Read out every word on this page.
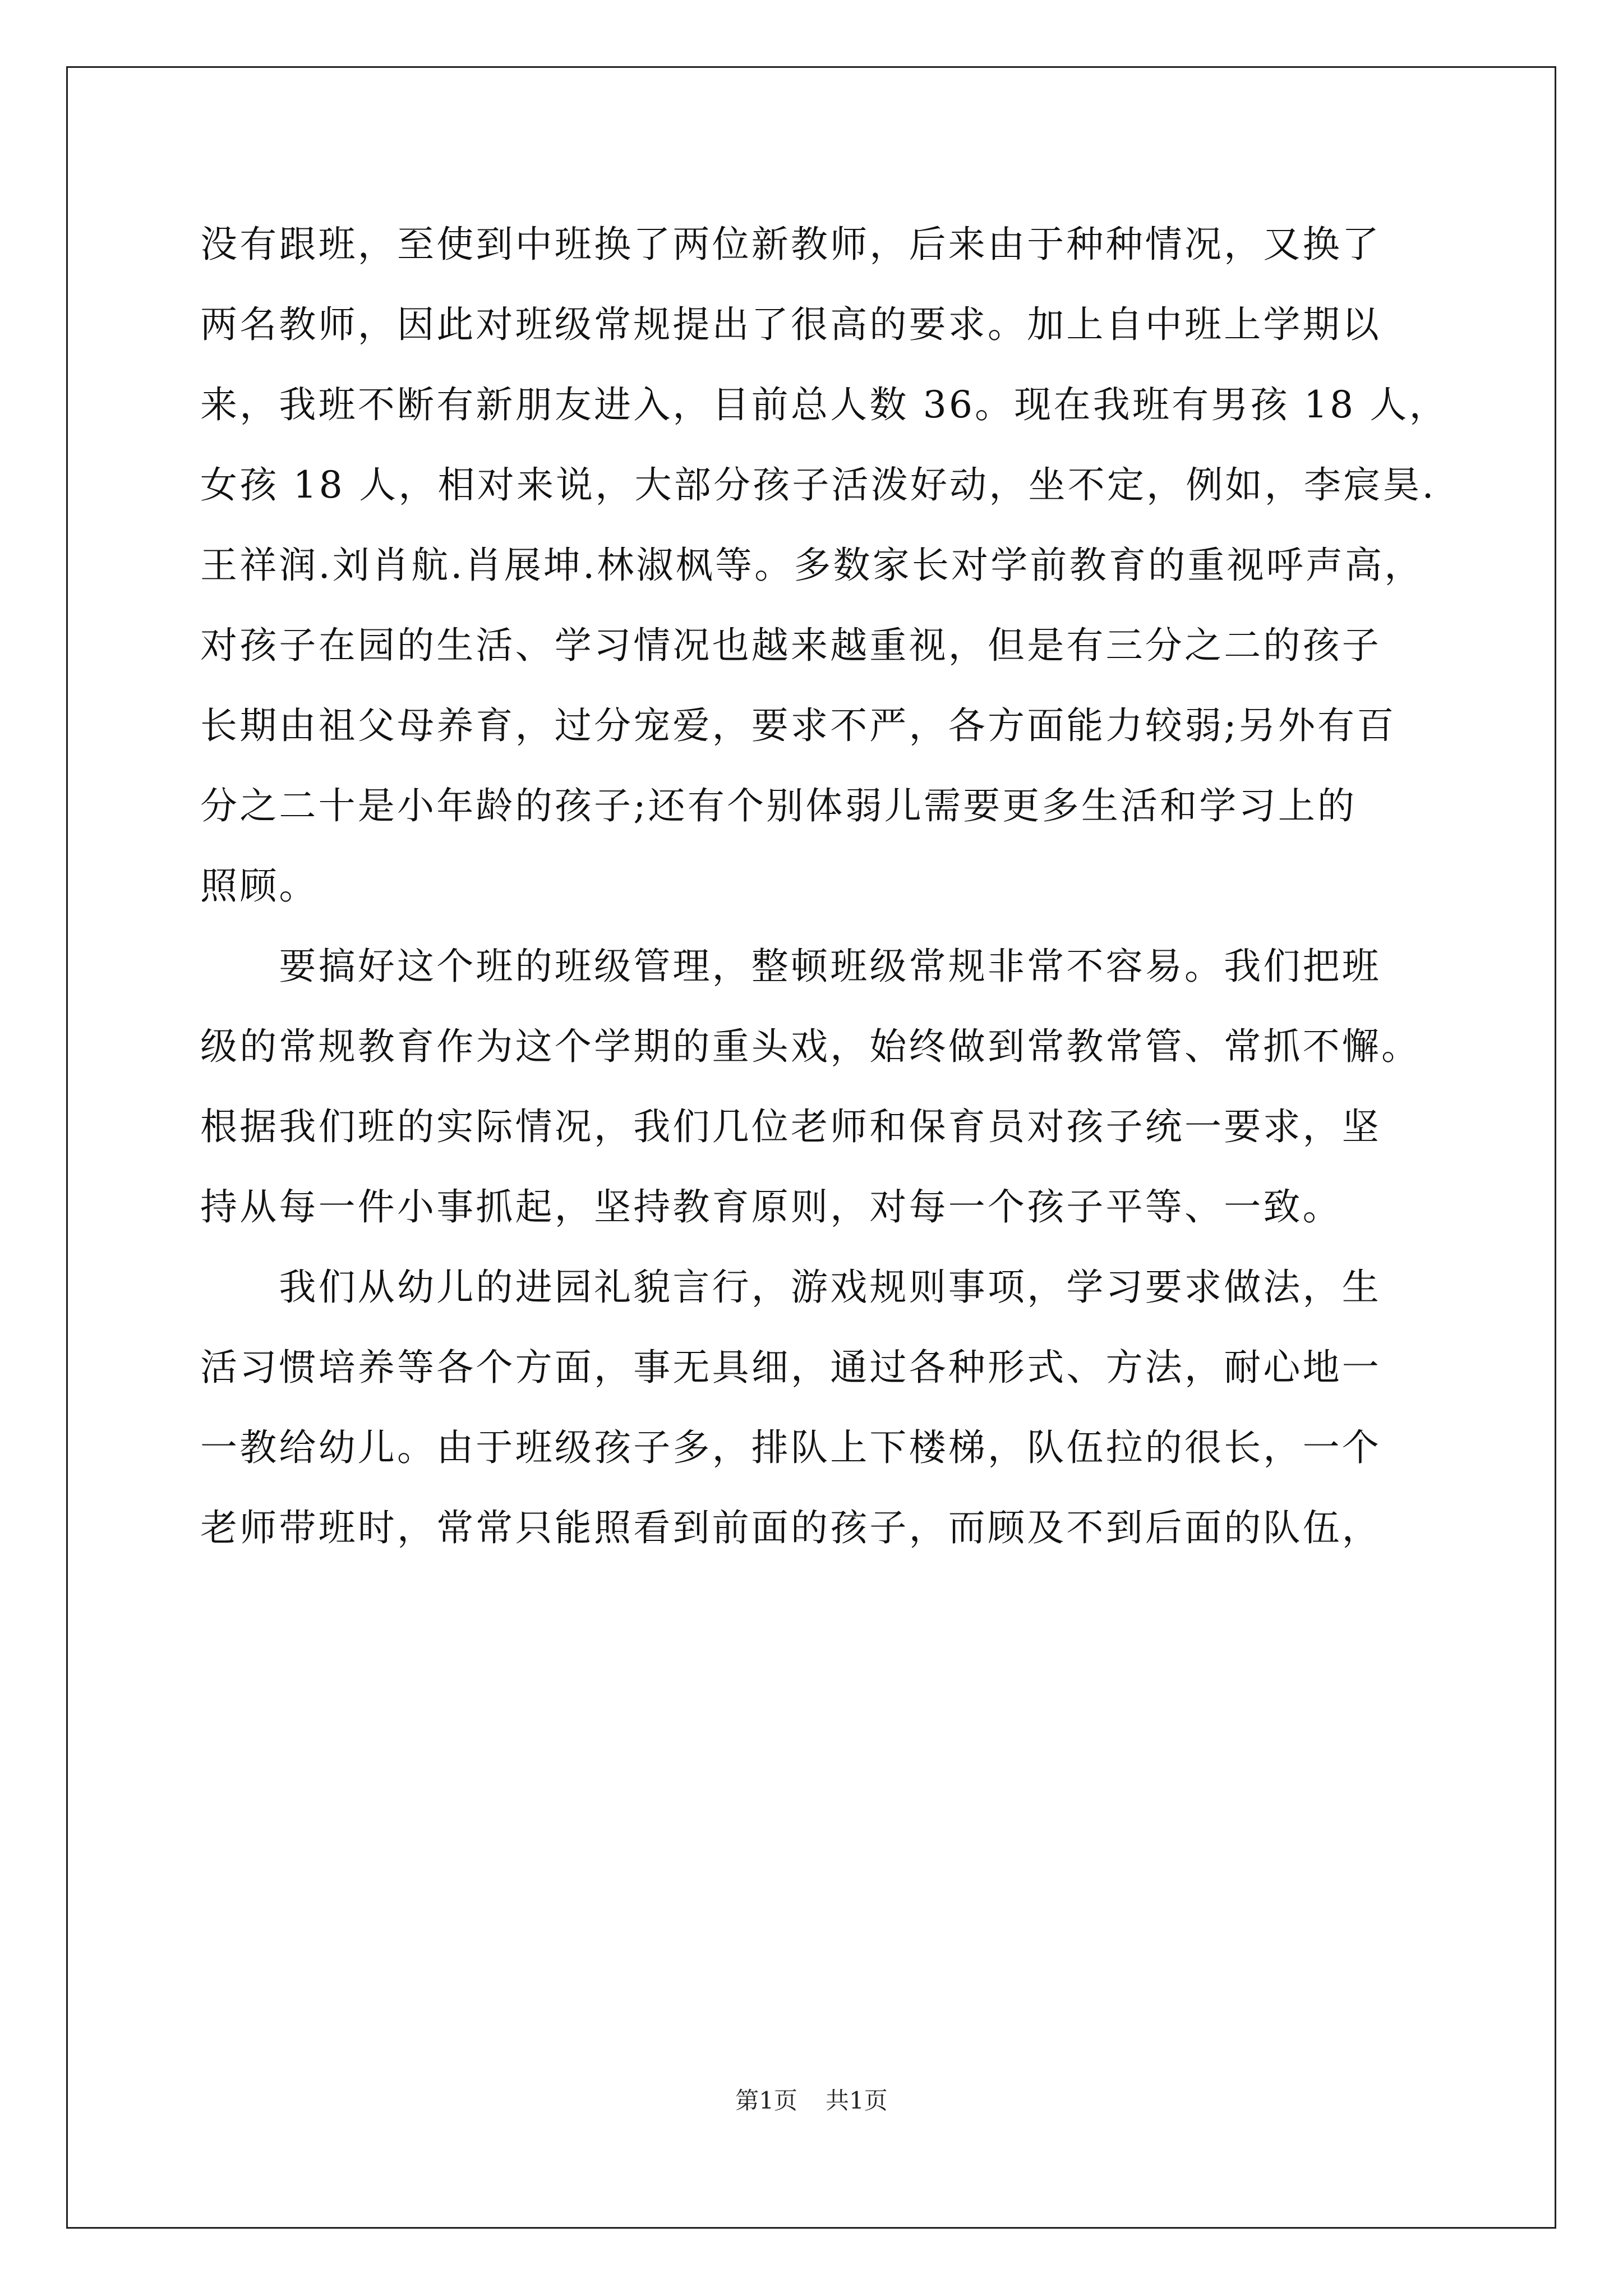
没有跟班，至使到中班换了两位新教师，后来由于种种情况，又换了
两名教师，因此对班级常规提出了很高的要求。加上自中班上学期以
来，我班不断有新朋友进入，目前总人数 36。现在我班有男孩 18 人，
女孩 18 人，相对来说，大部分孩子活泼好动，坐不定，例如，李宸昊.
王祥润.刘肖航.肖展坤.林淑枫等。多数家长对学前教育的重视呼声高，
对孩子在园的生活、学习情况也越来越重视，但是有三分之二的孩子
长期由祖父母养育，过分宠爱，要求不严，各方面能力较弱;另外有百
分之二十是小年龄的孩子;还有个别体弱儿需要更多生活和学习上的
照顾。
　　要搞好这个班的班级管理，整顿班级常规非常不容易。我们把班
级的常规教育作为这个学期的重头戏，始终做到常教常管、常抓不懈。
根据我们班的实际情况，我们几位老师和保育员对孩子统一要求，坚
持从每一件小事抓起，坚持教育原则，对每一个孩子平等、一致。
　　我们从幼儿的进园礼貌言行，游戏规则事项，学习要求做法，生
活习惯培养等各个方面，事无具细，通过各种形式、方法，耐心地一
一教给幼儿。由于班级孩子多，排队上下楼梯，队伍拉的很长，一个
老师带班时，常常只能照看到前面的孩子，而顾及不到后面的队伍，
第1页 共1页
